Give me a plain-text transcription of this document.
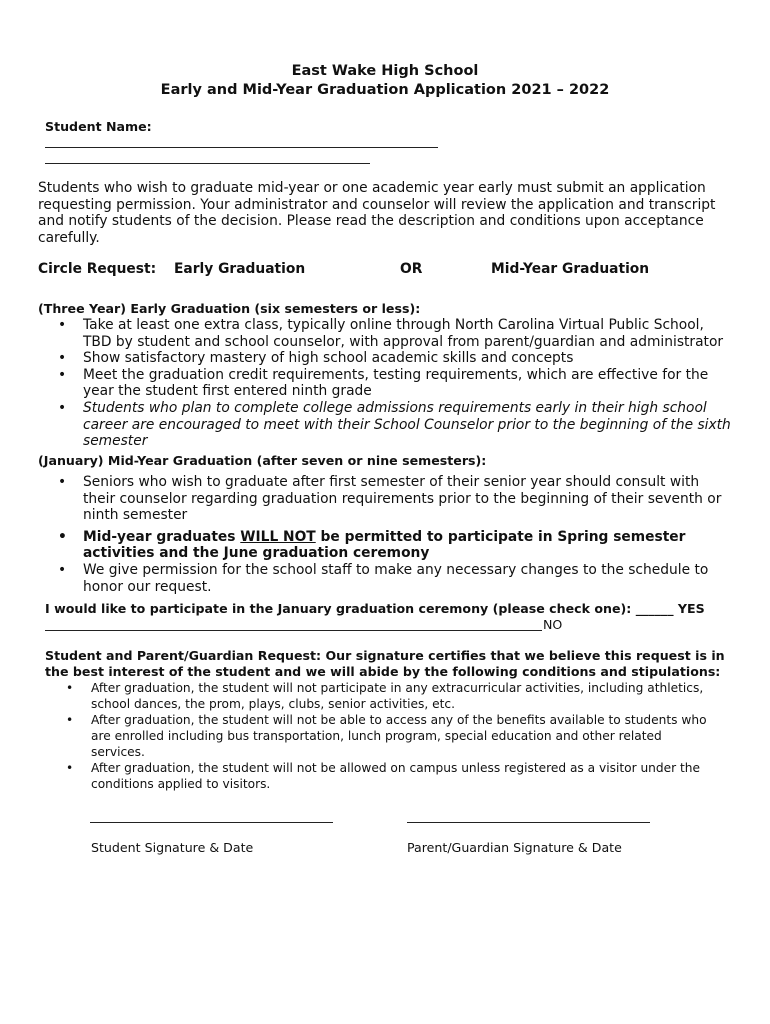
East Wake High School
Early and Mid-Year Graduation Application 2021 – 2022
Student Name:
Students who wish to graduate mid-year or one academic year early must submit an application requesting permission. Your administrator and counselor will review the application and transcript and notify students of the decision. Please read the description and conditions upon acceptance carefully.
Circle Request: Early Graduation	OR	Mid-Year Graduation
(Three Year) Early Graduation (six semesters or less):
• Take at least one extra class, typically online through North Carolina Virtual Public School, TBD by student and school counselor, with approval from parent/guardian and administrator
• Show satisfactory mastery of high school academic skills and concepts
• Meet the graduation credit requirements, testing requirements, which are effective for the year the student first entered ninth grade
• Students who plan to complete college admissions requirements early in their high school career are encouraged to meet with their School Counselor prior to the beginning of the sixth semester
(January) Mid-Year Graduation (after seven or nine semesters):
• Seniors who wish to graduate after first semester of their senior year should consult with their counselor regarding graduation requirements prior to the beginning of their seventh or ninth semester
• Mid-year graduates WILL NOT be permitted to participate in Spring semester activities and the June graduation ceremony
• We give permission for the school staff to make any necessary changes to the schedule to honor our request.
I would like to participate in the January graduation ceremony (please check one): ______ YES
NO
Student and Parent/Guardian Request: Our signature certifies that we believe this request is in the best interest of the student and we will abide by the following conditions and stipulations:
• After graduation, the student will not participate in any extracurricular activities, including athletics, school dances, the prom, plays, clubs, senior activities, etc.
• After graduation, the student will not be able to access any of the benefits available to students who are enrolled including bus transportation, lunch program, special education and other related services.
• After graduation, the student will not be allowed on campus unless registered as a visitor under the conditions applied to visitors.
Student Signature & Date	Parent/Guardian Signature & Date
